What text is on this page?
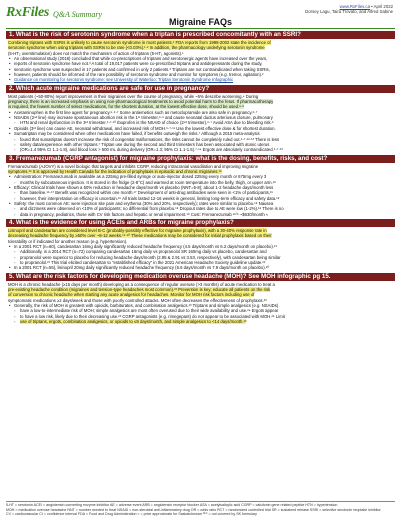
RxFiles Q&A Summary
www.RxFiles.ca • April 2022
Dorsey Lagu, Taira Trovato, and Alfred Sabine
Migraine FAQs
1. What is the risk of serotonin syndrome when a triptan is prescribed concomitantly with an SSRI?

Combining triptans with SSRIs is unlikely to cause serotonin syndrome in most patients.¹ FDA reports from 1998-2002 state the incidence of

serotonin syndrome when using triptans with SSRIs to be rare (<0.03%).¹·² In addition, the pharmacology underlying serotonin syndrome

(5-HT₂ overstimulation) does not match the mechanism of action of triptans (5-HT₁ agonists).¹

• An observational study (2018) concluded that while co-prescriptions of triptans and serotonergic agents have increased over the years,
• reports of serotonin syndrome have not.³ A total of 19,017 patients were co-prescribed triptans and antidepressants during the study,
• serotonin syndrome was suspected in 17 patients and confirmed in only 2 patients.³ Triptans are not contraindicated when taking SSRIs,
• however, patients should be informed of the rare possibility of serotonin syndrome and monitor for symptoms (e.g. tremor, agitation).²
• Guidance on monitoring for serotonin syndrome: see University of Waterloo: Triptan Serotonin Syndrome Infographic
2. Which acute migraine medications are safe for use in pregnancy?

Most patients (~50-80%) report improvement in their migraines over the course of pregnancy, while ~5% describe worsening.⁴ During

pregnancy, there is an increased emphasis on using non-pharmacological treatments to avoid potential harm to the fetus. If pharmacotherapy

is required, the fewest number of select medications, for the shortest duration, at the lowest effective dose, should be used.⁵·⁶

• Acetaminophen is the first line agent for pregnancy.⁵·⁶·⁷ Some antiemetics such as metoclopramide are also safe in pregnancy.⁶·⁷
• NSAIDs (2ⁿᵈ line) may increase spontaneous abortion risk in the 1ˢᵗ trimester,⁸·⁹ and cause neonatal ductus arteriosus closure, pulmonary
◦ HTN and renal dysfunction in the 3ʳᵈ trimester.⁶·⁷·¹⁰ Ibuprofen is the NSAID of choice (2ⁿᵈ trimester).⁶·⁷ Avoid ASA due to bleeding risk.⁶
• Opioids (3ʳᵈ line) can cause AE, neonatal withdrawal, and increased risk of MOH.⁶·⁷·¹¹ Use the lowest effective dose & for shortest duration.
• Sumatriptan may be considered when other medications have failed, if benefits outweigh the risks.⁷ Although a 2015 meta-analysis
◦ found that sumatriptan doesn't increase the risk of congenital malformations, the risks cannot be completely ruled out.⁶·⁷·¹²·¹³ There is less
◦ safety data/experience with other triptans.⁷ Triptan use during the second and third trimesters has been associated with atonic uterus
◦ (OR=1.4 95% CI 1.1-1.8), and blood loss > 500 mL during delivery (OR=1.3; 95% CI 1.1-1.5).⁷·¹⁴ Ergots are absolutely contraindicated.⁶·⁷·¹³
3. Fremanezumab (CGRP antagonist) for migraine prophylaxis: what is the dosing, benefits, risks, and cost?

Fremanezumab (AJOVY) is a novel biologic that targets and inhibits CGRP, reducing intracranial vasodilation and improving migraine

symptoms.¹⁵ It is approved by Health Canada for the indication of prophylaxis in episodic and chronic migraines.¹⁶

• Administration: Fremanezumab is available as a 225mg pre-filled syringe or auto-injector dosed 225mg every month or 675mg every 3
◦ months by subcutaneous injection. It is stored in the fridge (2-8°C) and warmed at room temperature into the belly, thigh, or upper arm.¹⁶
• Efficacy: Clinical trials have shown a 50% reduction in headache days/month vs placebo (NNT=5-8); about 1-2 headache days/month less
◦ than baseline.¹⁵·¹⁷ Benefit was recognized within one month.¹⁷ Development of anti-drug antibodies were seen in <1% of participants,¹⁵
◦ however, their interpretation on efficacy is uncertain.¹⁵ All trials lasted 12-16 weeks in general, limiting long-term efficacy and safety data.¹⁸
• Safety: the most common AE: were injection site pain and erythema (30% and 20%, respectively); rates were similar to placebo.¹⁸ Nausea
◦ and dizziness were observed on <10% of participants; no differential from placebo.¹⁸ Dropout rates due to AE were low (1-2%).¹⁸ There is no
◦ data in pregnancy, pediatrics, those with CV risk factors and hepatic or renal impairment.¹⁸ Cost: Fremanezumab ¹⁵ⁱ⁶ ~$630/month ≈
4. What is the evidence for using ACEIs and ARBs for migraine prophylaxis?

Lisinopril and candesartan are considered level B-C (probably-possibly effective for migraine prophylaxis), with a 30-40% response rate in

decreasing headache frequency by ≥50% over ~8-12 weeks.¹⁹·²⁰ These medications may be considered for initial prophylaxis based on their

tolerability or if indicated for another reason (e.g. hypertension).

• In a 2001 RCT (n=60), candesartan 16mg daily significantly reduced headache frequency (4.5 days/month vs 6.2 days/month on placebo).¹⁹
◦ Additionally, in a 2014 RCT (n=72) comparing candesartan 16mg daily vs propranolol SR 160mg daily vs placebo, candesartan and
◦ propranolol were superior to placebo for reducing headache days/month (2.95 & 2.91 vs 3.53, respectively), with candesartan being similar
◦ to propranolol.²¹ This trial elicited candesartan to "established efficacy" in the 2021 American Headache Society guideline update.²²
• In a 2001 RCT (n=55), lisinopril 20mg daily significantly reduced headache frequency (6.6 days/month vs 7.9 days/month on placebo).²⁰
5. What are the risk factors for developing medication overuse headache (MOH)? See MOH infographic pg 15.

MOH is a chronic headache (≥15 days per month) developing as a consequence of regular overuse (>3 months) of acute medication to treat a

pre-existing headache condition (migraines and tension-type headaches most common).²³ Prevention is key; educate all patients on the risk

of conversion to chronic headache when starting any acute analgesics for headaches. Monitor for MOH risk factors including use of

symptomatic medications ≥2 days/week and those with poorly controlled attacks. MOH often decreases the effectiveness of prophylaxis.²³

• Generally, the risk of MOH is greatest with opioids, barbiturates, and combination analgesics.²³ Triptans and simple analgesics (e.g. NSAIDs)
◦ have a low-to-intermediate risk of MOH; simple analgesics are most often overused due to their wide availability and use.²⁴ Ergots appear
◦ to have a low risk, likely due to their decreasing use.²³ CGRP antagonists (e.g. rimegepant) do not appear to be associated with MOH.²⁵ Limit
◦ use of triptans, ergots, combination analgesics, or opioids to ≤9 days/month, and simple analgesics to <14 days/month.²³
5-HT = serotonin ACEI = angiotensin converting enzyme inhibitor AE = adverse event ARB = angiotensin receptor blocker ASA = acetylsalicylic acid CGRP = calcitonin gene related peptide HTN = hypertension
MOH = medication overuse headache NNT = number needed to treat NSAID = non-steroidal anti-inflammatory drug OR = odds ratio RCT = randomized controlled trial SR = sustained release SSRI = selective serotonin reuptake inhibitor
CV = cardiovascular CI = confidence interval FDA = Food and Drug Administration ≈ = price approximate for Saskatchewan ¹⁵ⁱ⁶ = not covered by SK formulary
